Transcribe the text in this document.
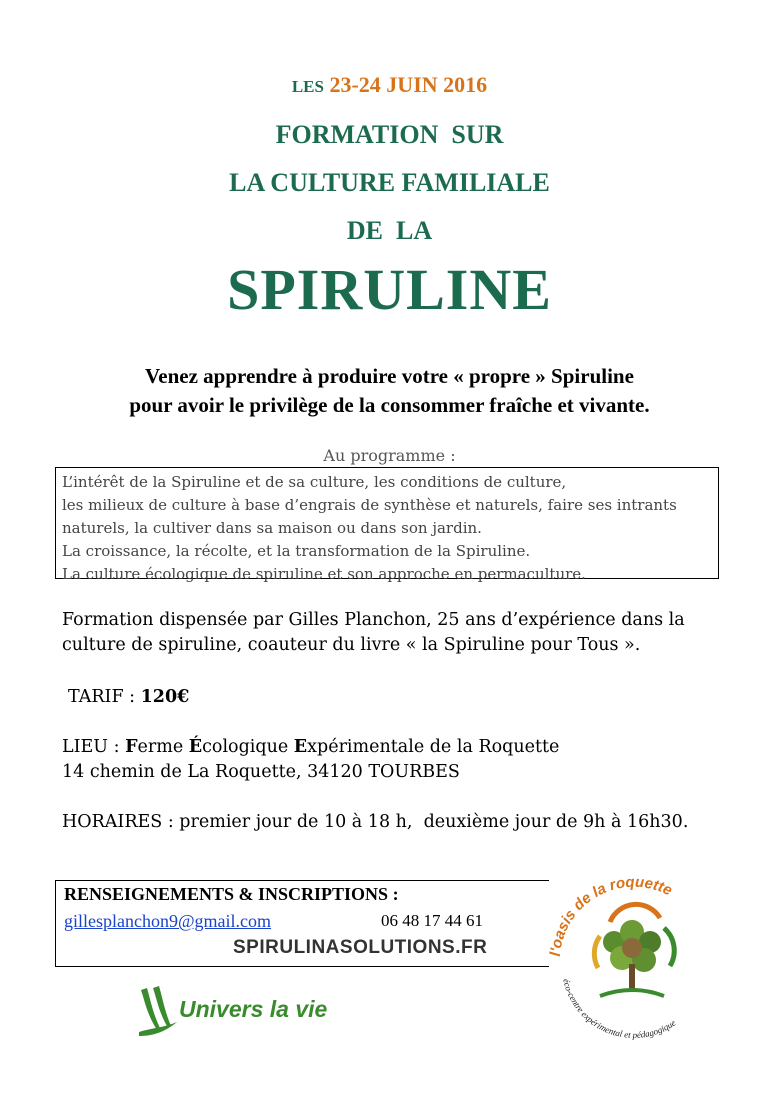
LES 23-24 JUIN 2016
FORMATION  SUR
LA CULTURE FAMILIALE
DE  LA
SPIRULINE
Venez apprendre à produire votre « propre » Spiruline
pour avoir le privilège de la consommer fraîche et vivante.
Au programme :
L’intérêt de la Spiruline et de sa culture, les conditions de culture,
les milieux de culture à base d’engrais de synthèse et naturels, faire ses intrants
naturels, la cultiver dans sa maison ou dans son jardin.
La croissance, la récolte, et la transformation de la Spiruline.
La culture écologique de spiruline et son approche en permaculture.
Formation dispensée par Gilles Planchon, 25 ans d’expérience dans la
culture de spiruline, coauteur du livre « la Spiruline pour Tous ».
TARIF : 120€
LIEU : Ferme Écologique Expérimentale de la Roquette
14 chemin de La Roquette, 34120 TOURBES
HORAIRES : premier jour de 10 à 18 h,  deuxième jour de 9h à 16h30.
RENSEIGNEMENTS & INSCRIPTIONS :
gillesplanchon9@gmail.com	06 48 17 44 61
SPIRULINASOLUTIONS.FR
Univers la vie
l'oasis de la roquette
éco-centre expérimental et pédagogique
